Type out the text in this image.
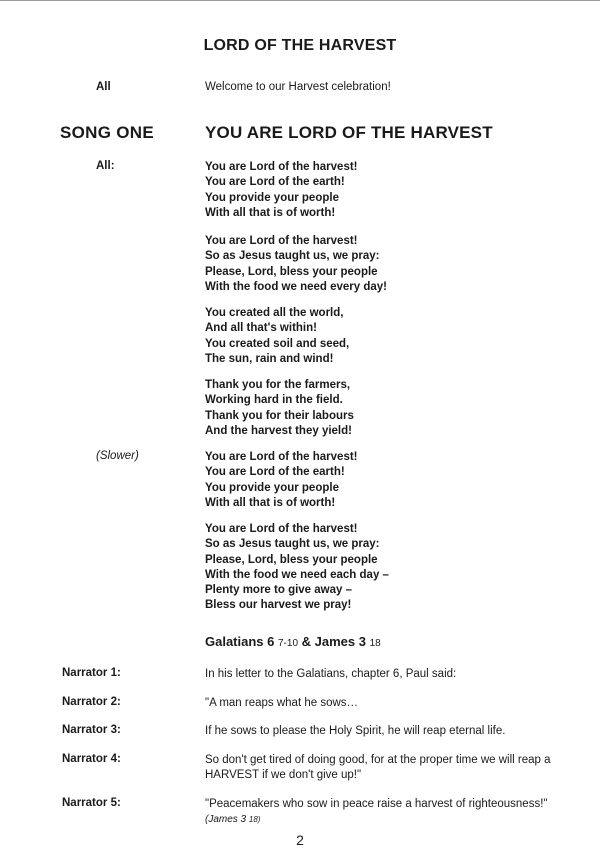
LORD OF THE HARVEST

All	Welcome to our Harvest celebration!

SONG ONE	YOU ARE LORD OF THE HARVEST

All:	You are Lord of the harvest!
You are Lord of the earth!
You provide your people
With all that is of worth!
You are Lord of the harvest!
So as Jesus taught us, we pray:
Please, Lord, bless your people
With the food we need every day!
You created all the world,
And all that's within!
You created soil and seed,
The sun, rain and wind!
Thank you for the farmers,
Working hard in the field.
Thank you for their labours
And the harvest they yield!

(Slower)	You are Lord of the harvest!
You are Lord of the earth!
You provide your people
With all that is of worth!
You are Lord of the harvest!
So as Jesus taught us, we pray:
Please, Lord, bless your people
With the food we need each day –
Plenty more to give away –
Bless our harvest we pray!

Galatians 6 7-10 & James 3 18

Narrator 1:	In his letter to the Galatians, chapter 6, Paul said:

Narrator 2:	"A man reaps what he sows…

Narrator 3:	If he sows to please the Holy Spirit, he will reap eternal life.

Narrator 4:	So don't get tired of doing good, for at the proper time we will reap a HARVEST if we don't give up!"

Narrator 5:	"Peacemakers who sow in peace raise a harvest of righteousness!"
(James 3 18)

2
